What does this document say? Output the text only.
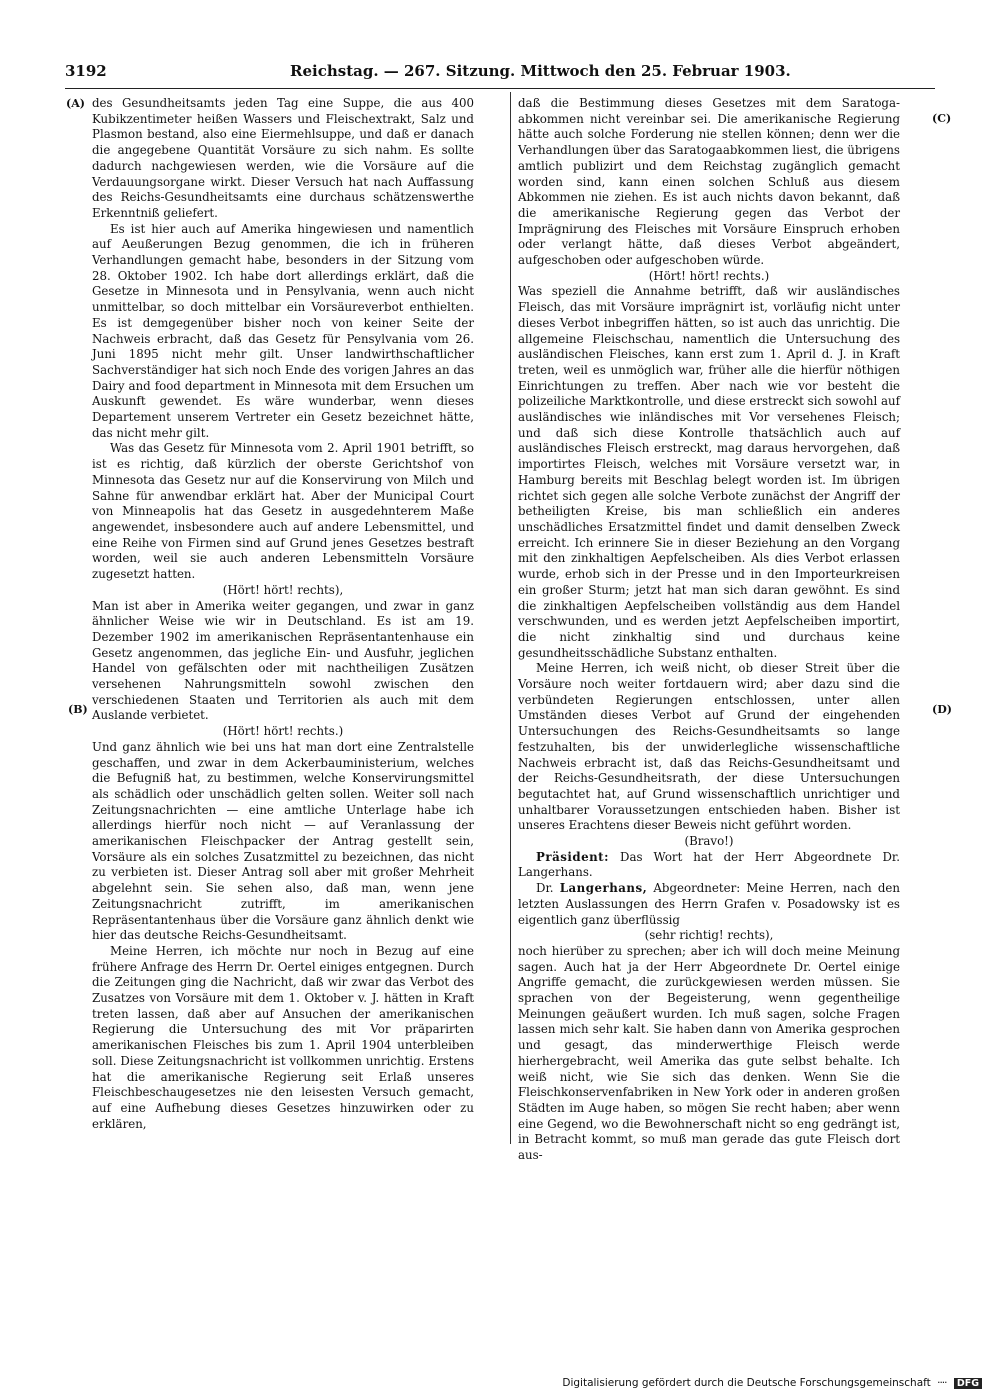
3192	Reichstag. — 267. Sitzung. Mittwoch den 25. Februar 1903.
(A)
(B)
(C)
(D)

des Gesundheitsamts jeden Tag eine Suppe, die aus 400 Kubikzentimeter heißen Wassers und Fleischextrakt, Salz und Plasmon bestand, also eine Eiermehlsuppe, und daß er danach die angegebene Quantität Vorsäure zu sich nahm. Es sollte dadurch nachgewiesen werden, wie die Vorsäure auf die Verdauungsorgane wirkt. Dieser Versuch hat nach Auffassung des Reichs-Gesundheitsamts eine durchaus schätzenswerthe Erkenntniß geliefert.

Es ist hier auch auf Amerika hingewiesen und namentlich auf Aeußerungen Bezug genommen, die ich in früheren Verhandlungen gemacht habe, besonders in der Sitzung vom 28. Oktober 1902. Ich habe dort allerdings erklärt, daß die Gesetze in Minnesota und in Pensylvania, wenn auch nicht unmittelbar, so doch mittelbar ein Vorsäureverbot enthielten. Es ist demgegenüber bisher noch von keiner Seite der Nachweis erbracht, daß das Gesetz für Pensylvania vom 26. Juni 1895 nicht mehr gilt. Unser landwirthschaftlicher Sachverständiger hat sich noch Ende des vorigen Jahres an das Dairy and food department in Minnesota mit dem Ersuchen um Auskunft gewendet. Es wäre wunderbar, wenn dieses Departement unserem Vertreter ein Gesetz bezeichnet hätte, das nicht mehr gilt.

Was das Gesetz für Minnesota vom 2. April 1901 betrifft, so ist es richtig, daß kürzlich der oberste Gerichtshof von Minnesota das Gesetz nur auf die Konservirung von Milch und Sahne für anwendbar erklärt hat. Aber der Municipal Court von Minneapolis hat das Gesetz in ausgedehnterem Maße angewendet, insbesondere auch auf andere Lebensmittel, und eine Reihe von Firmen sind auf Grund jenes Gesetzes bestraft worden, weil sie auch anderen Lebensmitteln Vorsäure zugesetzt hatten.

(Hört! hört! rechts),

Man ist aber in Amerika weiter gegangen, und zwar in ganz ähnlicher Weise wie wir in Deutschland. Es ist am 19. Dezember 1902 im amerikanischen Repräsentantenhause ein Gesetz angenommen, das jegliche Ein- und Ausfuhr, jeglichen Handel von gefälschten oder mit nachtheiligen Zusätzen versehenen Nahrungsmitteln sowohl zwischen den verschiedenen Staaten und Territorien als auch mit dem Auslande verbietet.

(Hört! hört! rechts.)

Und ganz ähnlich wie bei uns hat man dort eine Zentralstelle geschaffen, und zwar in dem Ackerbauministerium, welches die Befugniß hat, zu bestimmen, welche Konservirungsmittel als schädlich oder unschädlich gelten sollen. Weiter soll nach Zeitungsnachrichten — eine amtliche Unterlage habe ich allerdings hierfür noch nicht — auf Veranlassung der amerikanischen Fleischpacker der Antrag gestellt sein, Vorsäure als ein solches Zusatzmittel zu bezeichnen, das nicht zu verbieten ist. Dieser Antrag soll aber mit großer Mehrheit abgelehnt sein. Sie sehen also, daß man, wenn jene Zeitungsnachricht zutrifft, im amerikanischen Repräsentantenhaus über die Vorsäure ganz ähnlich denkt wie hier das deutsche Reichs-Gesundheitsamt.

Meine Herren, ich möchte nur noch in Bezug auf eine frühere Anfrage des Herrn Dr. Oertel einiges entgegnen. Durch die Zeitungen ging die Nachricht, daß wir zwar das Verbot des Zusatzes von Vorsäure mit dem 1. Oktober v. J. hätten in Kraft treten lassen, daß aber auf Ansuchen der amerikanischen Regierung die Untersuchung des mit Vor präparirten amerikanischen Fleisches bis zum 1. April 1904 unterbleiben soll. Diese Zeitungsnachricht ist vollkommen unrichtig. Erstens hat die amerikanische Regierung seit Erlaß unseres Fleischbeschaugesetzes nie den leisesten Versuch gemacht, auf eine Aufhebung dieses Gesetzes hinzuwirken oder zu erklären,

daß die Bestimmung dieses Gesetzes mit dem Saratoga-abkommen nicht vereinbar sei. Die amerikanische Regierung hätte auch solche Forderung nie stellen können; denn wer die Verhandlungen über das Saratogaabkommen liest, die übrigens amtlich publizirt und dem Reichstag zugänglich gemacht worden sind, kann einen solchen Schluß aus diesem Abkommen nie ziehen. Es ist auch nichts davon bekannt, daß die amerikanische Regierung gegen das Verbot der Imprägnirung des Fleisches mit Vorsäure Einspruch erhoben oder verlangt hätte, daß dieses Verbot abgeändert, aufgeschoben oder aufgeschoben würde.

(Hört! hört! rechts.)

Was speziell die Annahme betrifft, daß wir ausländisches Fleisch, das mit Vorsäure imprägnirt ist, vorläufig nicht unter dieses Verbot inbegriffen hätten, so ist auch das unrichtig. Die allgemeine Fleischschau, namentlich die Untersuchung des ausländischen Fleisches, kann erst zum 1. April d. J. in Kraft treten, weil es unmöglich war, früher alle die hierfür nöthigen Einrichtungen zu treffen. Aber nach wie vor besteht die polizeiliche Marktkontrolle, und diese erstreckt sich sowohl auf ausländisches wie inländisches mit Vor versehenes Fleisch; und daß sich diese Kontrolle thatsächlich auch auf ausländisches Fleisch erstreckt, mag daraus hervorgehen, daß importirtes Fleisch, welches mit Vorsäure versetzt war, in Hamburg bereits mit Beschlag belegt worden ist. Im übrigen richtet sich gegen alle solche Verbote zunächst der Angriff der betheiligten Kreise, bis man schließlich ein anderes unschädliches Ersatzmittel findet und damit denselben Zweck erreicht. Ich erinnere Sie in dieser Beziehung an den Vorgang mit den zinkhaltigen Aepfelscheiben. Als dies Verbot erlassen wurde, erhob sich in der Presse und in den Importeurkreisen ein großer Sturm; jetzt hat man sich daran gewöhnt. Es sind die zinkhaltigen Aepfelscheiben vollständig aus dem Handel verschwunden, und es werden jetzt Aepfelscheiben importirt, die nicht zinkhaltig sind und durchaus keine gesundheitsschädliche Substanz enthalten.

Meine Herren, ich weiß nicht, ob dieser Streit über die Vorsäure noch weiter fortdauern wird; aber dazu sind die verbündeten Regierungen entschlossen, unter allen Umständen dieses Verbot auf Grund der eingehenden Untersuchungen des Reichs-Gesundheitsamts so lange festzuhalten, bis der unwiderlegliche wissenschaftliche Nachweis erbracht ist, daß das Reichs-Gesundheitsamt und der Reichs-Gesundheitsrath, der diese Untersuchungen begutachtet hat, auf Grund wissenschaftlich unrichtiger und unhaltbarer Voraussetzungen entschieden haben. Bisher ist unseres Erachtens dieser Beweis nicht geführt worden.

(Bravo!)

Präsident: Das Wort hat der Herr Abgeordnete Dr. Langerhans.

Dr. Langerhans, Abgeordneter: Meine Herren, nach den letzten Auslassungen des Herrn Grafen v. Posadowsky ist es eigentlich ganz überflüssig

(sehr richtig! rechts),

noch hierüber zu sprechen; aber ich will doch meine Meinung sagen. Auch hat ja der Herr Abgeordnete Dr. Oertel einige Angriffe gemacht, die zurückgewiesen werden müssen. Sie sprachen von der Begeisterung, wenn gegentheilige Meinungen geäußert wurden. Ich muß sagen, solche Fragen lassen mich sehr kalt. Sie haben dann von Amerika gesprochen und gesagt, das minderwerthige Fleisch werde hierhergebracht, weil Amerika das gute selbst behalte. Ich weiß nicht, wie Sie sich das denken. Wenn Sie die Fleischkonservenfabriken in New York oder in anderen großen Städten im Auge haben, so mögen Sie recht haben; aber wenn eine Gegend, wo die Bewohnerschaft nicht so eng gedrängt ist, in Betracht kommt, so muß man gerade das gute Fleisch dort aus-

Digitalisierung gefördert durch die Deutsche Forschungsgemeinschaft ···· DFG
